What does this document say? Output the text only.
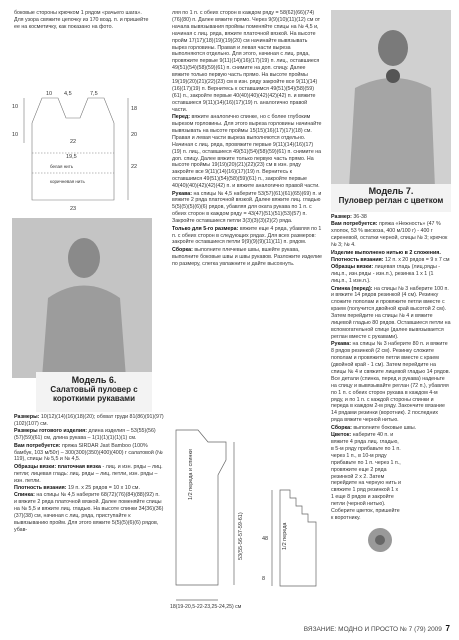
боковые стороны крючком 1 рядом «рачьего шага». Для узора свяжите цепочку из 170 возд. п. и пришейте ее на косметичку, как показано на фото.
10 4,5	7,5
10
10
18
20
22
22
19,5
белая нить
коричневая нить
23
Модель 6.
Салатовый пуловер с короткими рукавами

Размеры: 10(12)(14)(16)(18)(20); обхват груди 81(86)(91)(97)(102)(107) см.

Размеры готового изделия: длина изделия – 53(55)(56)(57)(59)(61) см, длина рукава – 1(1)(1)(1)(1)(1) см.

Вам потребуется: пряжа SIRDAR Jast Bamboo (100% бамбук, 103 м/50г) – 300(300)(350)(400)(400) г салатовой (№ 119), спицы № 5,5 и № 4,5.

Образцы вязки: платочная вязка - лиц. и изн. ряды – лиц. петли; лицевая гладь: лиц. ряды – лиц. петли, изн. ряды – изн. петли.

Плотность вязания: 19 п. х 25 рядов = 10 х 10 см.

Спинка: на спицы № 4,5 наберите 68(72)(76)(84)(88)(92) п. и вяжите 2 ряда платочной вязкой. Далее поменяйте спицы на № 5,5 и вяжите лиц. гладью. На высоте спинки 34(36)(36)(37)(38) см, начиная с лиц. ряда, приступайте к вывязыванию пройм. Для этого вяжите 5(5)(5)(6)(6) рядов, убав-

ляя по 1 п. с обеих сторон в каждом ряду = 58(62)(66)(74)(76)(80) п. Далее вяжите прямо. Через 9(9)(10)(11)(12) см от начала вывязывания проймы поменяйте спицы на № 4,5 и, начиная с лиц. ряда, вяжите платочной вязкой. На высоте пройм 17(17)(18)(19)(19)(20) см начинайте вывязывать вырез горловины. Правая и левая части выреза выполняются отдельно. Для этого, начиная с лиц. ряда, провяжите первые 9(11)(14)(16)(17)(19) п. лиц., оставшиеся 49(51)(54)(58)(59)(61) п. снимите на доп. спицу. Далее вяжите только первую часть прямо. На высоте проймы 19(19)(20)(21)(22)(23) см в изн. ряду закройте все 9(11)(14)(16)(17)(19) п. Вернитесь к оставшимся 49(51)(54)(58)(59)(61) п., закройте первые 40(40)(40)(42)(42)(42) п. и вяжите оставшиеся 9(11)(14)(16)(17)(19) п. аналогично правой части.

Перед: вяжите аналогично спинке, но с более глубоким вырезом горловины. Для этого выреза горловины начинайте вывязывать на высоте проймы 15(15)(16)(17)(17)(18) см. Правая и левая части выреза выполняются отдельно. Начиная с лиц. ряда, провяжите первые 9(11)(14)(16)(17)(19) п. лиц., оставшиеся 49(51)(54)(58)(59)(61) п. снимите на доп. спицу. Далее вяжите только первую часть прямо. На высоте проймы 19(19)(20)(21)(22)(23) см в изн. ряду закройте все 9(11)(14)(16)(17)(19) п. Вернитесь к оставшимся 49(51)(54)(58)(59)(61) п., закройте первые 40(40)(40)(42)(42)(42) п. и вяжите аналогично правой части.

Рукава: на спицы № 4,5 наберите 53(57)(61)(61)(65)(69) п. и вяжите 2 ряда платочной вязкой. Далее вяжите лиц. гладью 5(5)(5)(5)(6)(6) рядов, убавляя для оката рукава по 1 п. с обеих сторон в каждом ряду = 43(47)(51)(51)(53)(57) п. Закройте оставшиеся петли 3(3)(3)(3)(2)(2) ряда.

Только для 5-го размера: вяжите еще 4 ряда, убавляя по 1 п. с обеих сторон в следующих рядах. Для всех размеров: закройте оставшиеся петли 9(9)(9)(9)(11)(11) п. рядом.

Сборка: выполните плечевые швы, вшейте рукава, выполните боковые швы и швы рукавов. Разложите изделие по размеру, слегка увлажните и дайте высохнуть.

Модель 7.
Пуловер реглан с цветком

Размер: 36-38

Вам потребуется: пряжа «Нежность» (47 % хлопок, 53 % вискоза, 400 м/100 г) - 400 г сиреневой, остатки черной, спицы № 3; крючок № 3; № 4.

Изделие выполнено нитью в 2 сложения.

Плотность вязания: 12 п. х 20 рядов = 9 х 7 см

Образцы вязки: лицевая гладь (лиц.ряды - лиц.п., изн.ряды - изн.п.), резинка 1 х 1 (1 лиц.п., 1 изн.п.).

Спинка (перед): на спицы № 3 наберите 100 п. и вяжите 14 рядов резинкой (4 см). Резинку сложите пополам и провяжите петли вместе с краем (получится двойной край высотой 2 см). Затем перейдите на спицы № 4 и вяжите лицевой гладью 80 рядов. Оставшиеся петли на вспомогательной спице (далее вывязывается реглан вместе с рукавами).

Рукава: на спицы № 3 наберите 80 п. и вяжите 8 рядов резинкой (2 см). Резинку сложите пополам и провяжите петли вместе с краем (двойной край - 1 см). Затем перейдите на спицы № 4 и свяжите лицевой гладью 14 рядов. Все детали (спинка, перед и рукава) наденьте на спицу и вывязывайте реглан (72 п.), убавляя по 1 п. с обеих сторон рукава в каждом 4-м ряду, и по 1 п. с каждой стороны спинки и переда в каждом 2-м ряду. Закончите вязание 14 рядами резинки (воротник). 2 последних ряда вяжите черной нитью.

Сборка: выполните боковые швы.

Цветок: наберите 40 п. и вяжите 4 ряда лиц. гладью, в 5-м ряду прибавьте по 1 п. через 1 п., в 10-м ряду прибавьте по 1 п. через 1 п., провяжите еще 2 ряда резинкой 2 х 2. Затем перейдите на черную нить и свяжите 1 ряд резинкой 1 х 1 еще 8 рядов и закройте петли (черной нитью). Соберите цветок, пришейте к воротнику.

1/2 переда и спинки
18(19-20,5-22-23,25-24,25) см
53(55-56-57-59-61)	1/2 переда
48
8
ВЯЗАНИЕ: МОДНО И ПРОСТО № 7 (79) 2009 7
